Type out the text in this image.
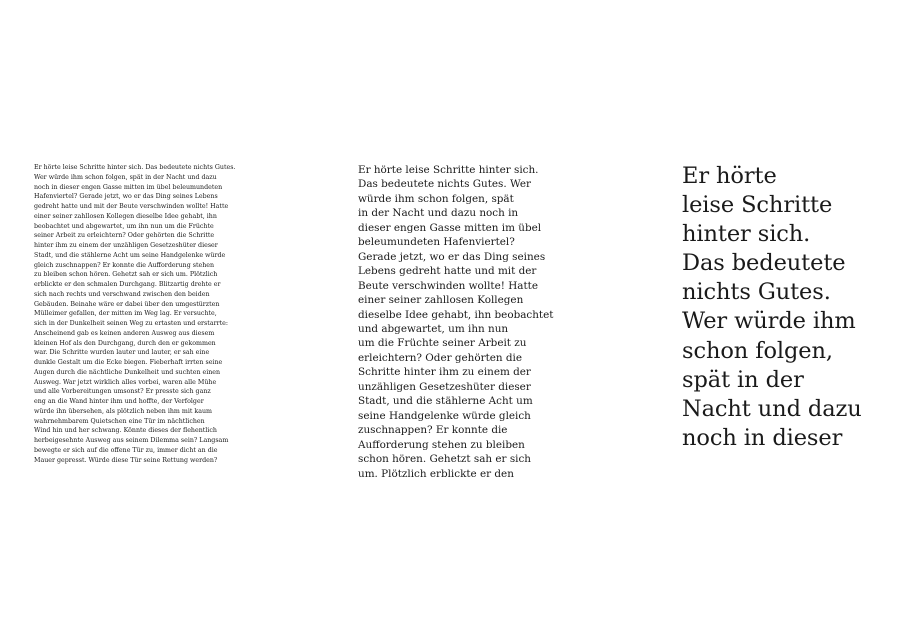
Er hörte leise Schritte hinter sich. Das bedeutete nichts Gutes.
Wer würde ihm schon folgen, spät in der Nacht und dazu
noch in dieser engen Gasse mitten im übel beleumundeten
Hafenviertel? Gerade jetzt, wo er das Ding seines Lebens
gedreht hatte und mit der Beute verschwinden wollte! Hatte
einer seiner zahllosen Kollegen dieselbe Idee gehabt, ihn
beobachtet und abgewartet, um ihn nun um die Früchte
seiner Arbeit zu erleichtern? Oder gehörten die Schritte
hinter ihm zu einem der unzähligen Gesetzeshüter dieser
Stadt, und die stählerne Acht um seine Handgelenke würde
gleich zuschnappen? Er konnte die Aufforderung stehen
zu bleiben schon hören. Gehetzt sah er sich um. Plötzlich
erblickte er den schmalen Durchgang. Blitzartig drehte er
sich nach rechts und verschwand zwischen den beiden
Gebäuden. Beinahe wäre er dabei über den umgestürzten
Mülleimer gefallen, der mitten im Weg lag. Er versuchte,
sich in der Dunkelheit seinen Weg zu ertasten und erstarrte:
Anscheinend gab es keinen anderen Ausweg aus diesem
kleinen Hof als den Durchgang, durch den er gekommen
war. Die Schritte wurden lauter und lauter, er sah eine
dunkle Gestalt um die Ecke biegen. Fieberhaft irrten seine
Augen durch die nächtliche Dunkelheit und suchten einen
Ausweg. War jetzt wirklich alles vorbei, waren alle Mühe
und alle Vorbereitungen umsonst? Er presste sich ganz
eng an die Wand hinter ihm und hoffte, der Verfolger
würde ihn übersehen, als plötzlich neben ihm mit kaum
wahrnehmbarem Quietschen eine Tür im nächtlichen
Wind hin und her schwang. Könnte dieses der flehentlich
herbeigesehnte Ausweg aus seinem Dilemma sein? Langsam
bewegte er sich auf die offene Tür zu, immer dicht an die
Mauer gepresst. Würde diese Tür seine Rettung werden?
Er hörte leise Schritte hinter sich.
Das bedeutete nichts Gutes. Wer
würde ihm schon folgen, spät
in der Nacht und dazu noch in
dieser engen Gasse mitten im übel
beleumundeten Hafenviertel?
Gerade jetzt, wo er das Ding seines
Lebens gedreht hatte und mit der
Beute verschwinden wollte! Hatte
einer seiner zahllosen Kollegen
dieselbe Idee gehabt, ihn beobachtet
und abgewartet, um ihn nun
um die Früchte seiner Arbeit zu
erleichtern? Oder gehörten die
Schritte hinter ihm zu einem der
unzähligen Gesetzeshüter dieser
Stadt, und die stählerne Acht um
seine Handgelenke würde gleich
zuschnappen? Er konnte die
Aufforderung stehen zu bleiben
schon hören. Gehetzt sah er sich
um. Plötzlich erblickte er den
Er hörte
leise Schritte
hinter sich.
Das bedeutete
nichts Gutes.
Wer würde ihm
schon folgen,
spät in der
Nacht und dazu
noch in dieser
